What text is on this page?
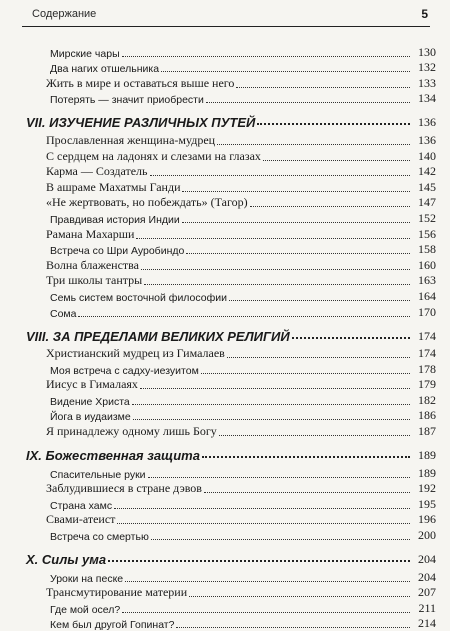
Содержание	5
Мирские чары	130
Два нагих отшельника	132
Жить в мире и оставаться выше него	133
Потерять — значит приобрести	134
VII. ИЗУЧЕНИЕ РАЗЛИЧНЫХ ПУТЕЙ	136
Прославленная женщина-мудрец	136
С сердцем на ладонях и слезами на глазах	140
Карма — Создатель	142
В ашраме Махатмы Ганди	145
«Не жертвовать, но побеждать» (Тагор)	147
Правдивая история Индии	152
Рамана Махарши	156
Встреча со Шри Ауробиндо	158
Волна блаженства	160
Три школы тантры	163
Семь систем восточной философии	164
Сома	170
VIII. ЗА ПРЕДЕЛАМИ ВЕЛИКИХ РЕЛИГИЙ	174
Христианский мудрец из Гималаев	174
Моя встреча с садху-иезуитом	178
Иисус в Гималаях	179
Видение Христа	182
Йога в иудаизме	186
Я принадлежу одному лишь Богу	187
IX. Божественная защита	189
Спасительные руки	189
Заблудившиеся в стране дэвов	192
Страна хамс	195
Свами-атеист	196
Встреча со смертью	200
X. Силы ума	204
Уроки на песке	204
Трансмутирование материи	207
Где мой осел?	211
Кем был другой Гопинат?	214
